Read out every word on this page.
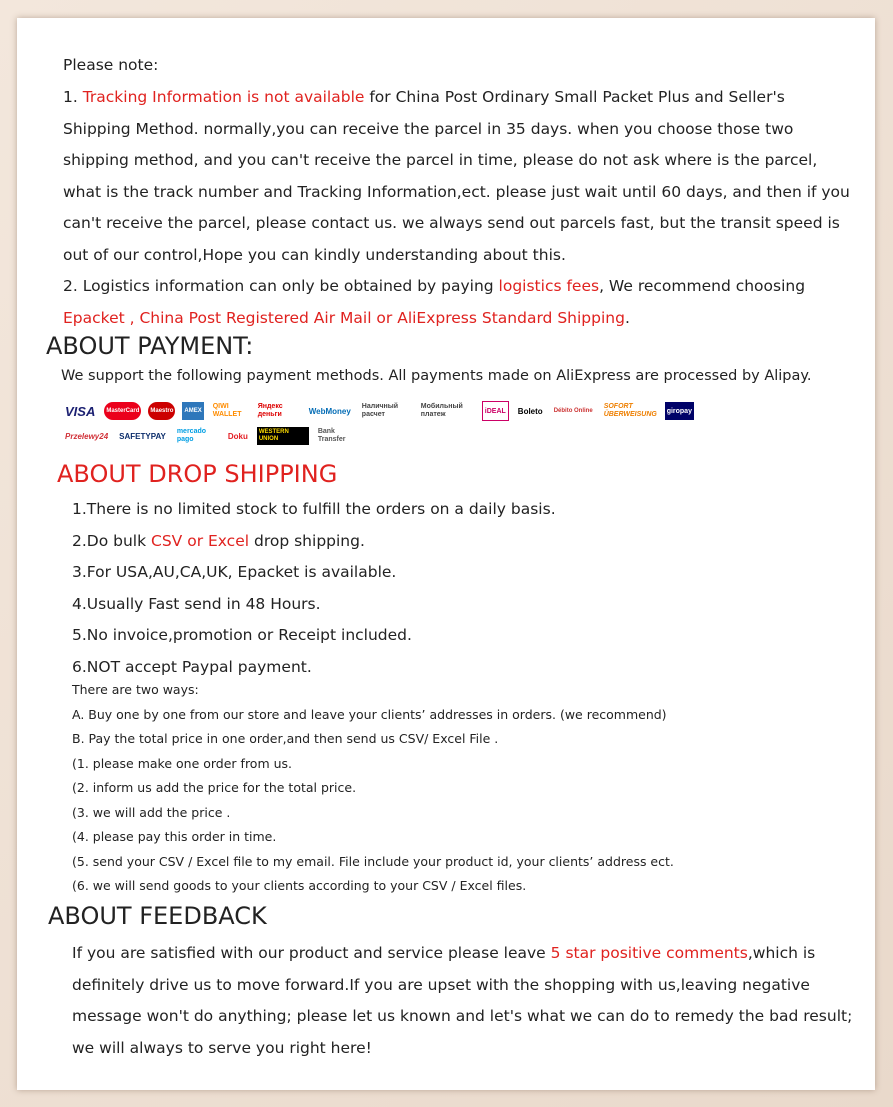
Please note:

1. Tracking Information is not available for China Post Ordinary Small Packet Plus and Seller's Shipping Method. normally,you can receive the parcel in 35 days. when you choose those two shipping method, and you can't receive the parcel in time, please do not ask where is the parcel, what is the track number and Tracking Information,ect. please just wait until 60 days, and then if you can't receive the parcel, please contact us. we always send out parcels fast, but the transit speed is out of our control,Hope you can kindly understanding about this.

2. Logistics information can only be obtained by paying logistics fees, We recommend choosing Epacket , China Post Registered Air Mail or AliExpress Standard Shipping.

ABOUT PAYMENT:
We support the following payment methods. All payments made on AliExpress are processed by Alipay.
VISA	MasterCard	Maestro	AMEX
QIWI WALLET
Яндекс деньги	WebMoney Наличный расчет
Мобильный платеж	iDEAL	Boleto	Débito Online
SOFORT ÜBERWEISUNG giropay
Przelewy24 SAFETYPAY mercado pago	Doku	WESTERN UNION
Bank Transfer
ABOUT DROP SHIPPING
1.There is no limited stock to fulfill the orders on a daily basis.
2.Do bulk CSV or Excel drop shipping.
3.For USA,AU,CA,UK, Epacket is available.
4.Usually Fast send in 48 Hours.
5.No invoice,promotion or Receipt included.
6.NOT accept Paypal payment.
There are two ways:
A. Buy one by one from our store and leave your clients’ addresses in orders. (we recommend)
B. Pay the total price in one order,and then send us CSV/ Excel File .
(1. please make one order from us.
(2. inform us add the price for the total price.
(3. we will add the price .
(4. please pay this order in time.
(5. send your CSV / Excel file to my email. File include your product id, your clients’ address ect.
(6. we will send goods to your clients according to your CSV / Excel files.
ABOUT FEEDBACK

If you are satisfied with our product and service please leave 5 star positive comments,which is definitely drive us to move forward.If you are upset with the shopping with us,leaving negative message won't do anything; please let us known and let's what we can do to remedy the bad result; we will always to serve you right here!
